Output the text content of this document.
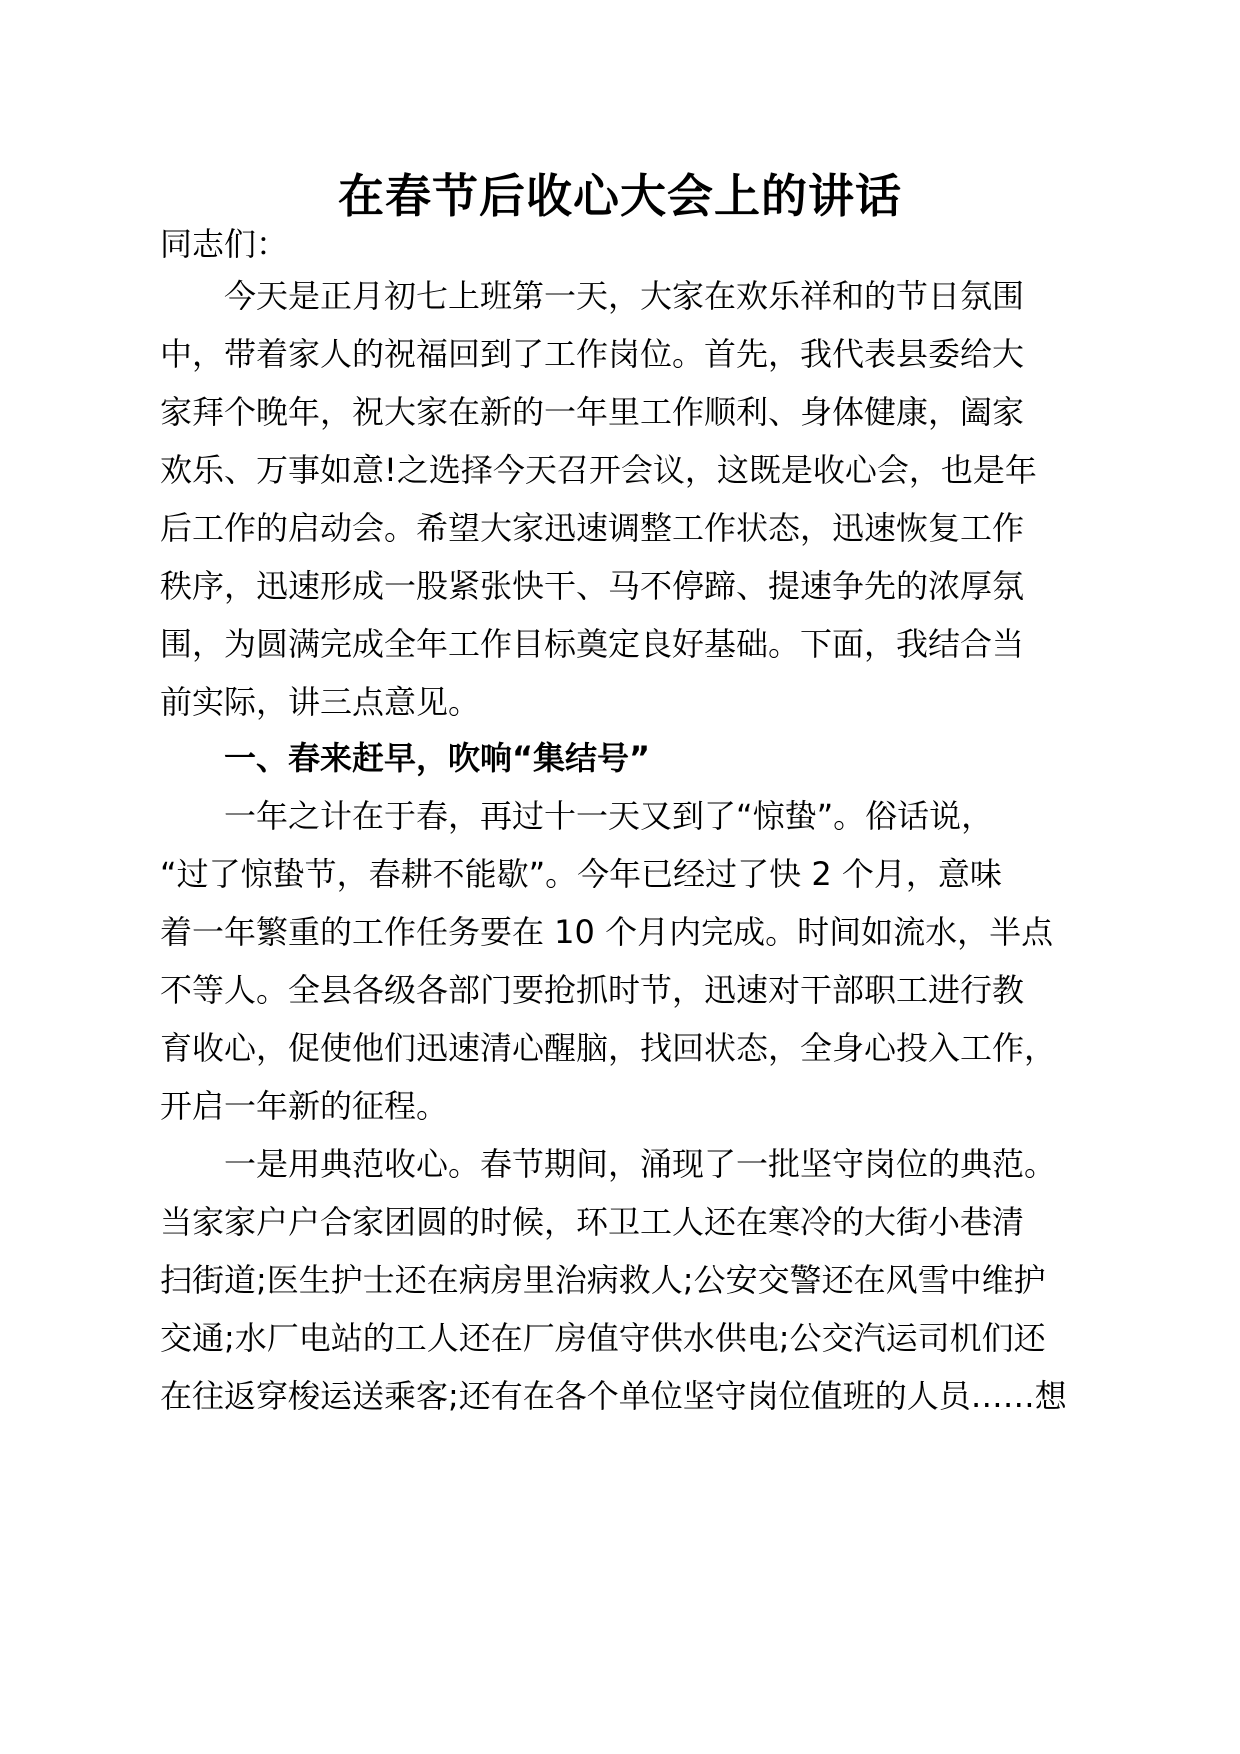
在春节后收心大会上的讲话
同志们：
今天是正月初七上班第一天，大家在欢乐祥和的节日氛围
中，带着家人的祝福回到了工作岗位。首先，我代表县委给大
家拜个晚年，祝大家在新的一年里工作顺利、身体健康，阖家
欢乐、万事如意!之选择今天召开会议，这既是收心会，也是年
后工作的启动会。希望大家迅速调整工作状态，迅速恢复工作
秩序，迅速形成一股紧张快干、马不停蹄、提速争先的浓厚氛
围，为圆满完成全年工作目标奠定良好基础。下面，我结合当
前实际，讲三点意见。
一、春来赶早，吹响“集结号”
一年之计在于春，再过十一天又到了“惊蛰”。俗话说，
“过了惊蛰节，春耕不能歇”。今年已经过了快 2 个月，意味
着一年繁重的工作任务要在 10 个月内完成。时间如流水，半点
不等人。全县各级各部门要抢抓时节，迅速对干部职工进行教
育收心，促使他们迅速清心醒脑，找回状态，全身心投入工作，
开启一年新的征程。
一是用典范收心。春节期间，涌现了一批坚守岗位的典范。
当家家户户合家团圆的时候，环卫工人还在寒冷的大街小巷清
扫街道;医生护士还在病房里治病救人;公安交警还在风雪中维护
交通;水厂电站的工人还在厂房值守供水供电;公交汽运司机们还
在往返穿梭运送乘客;还有在各个单位坚守岗位值班的人员……想
